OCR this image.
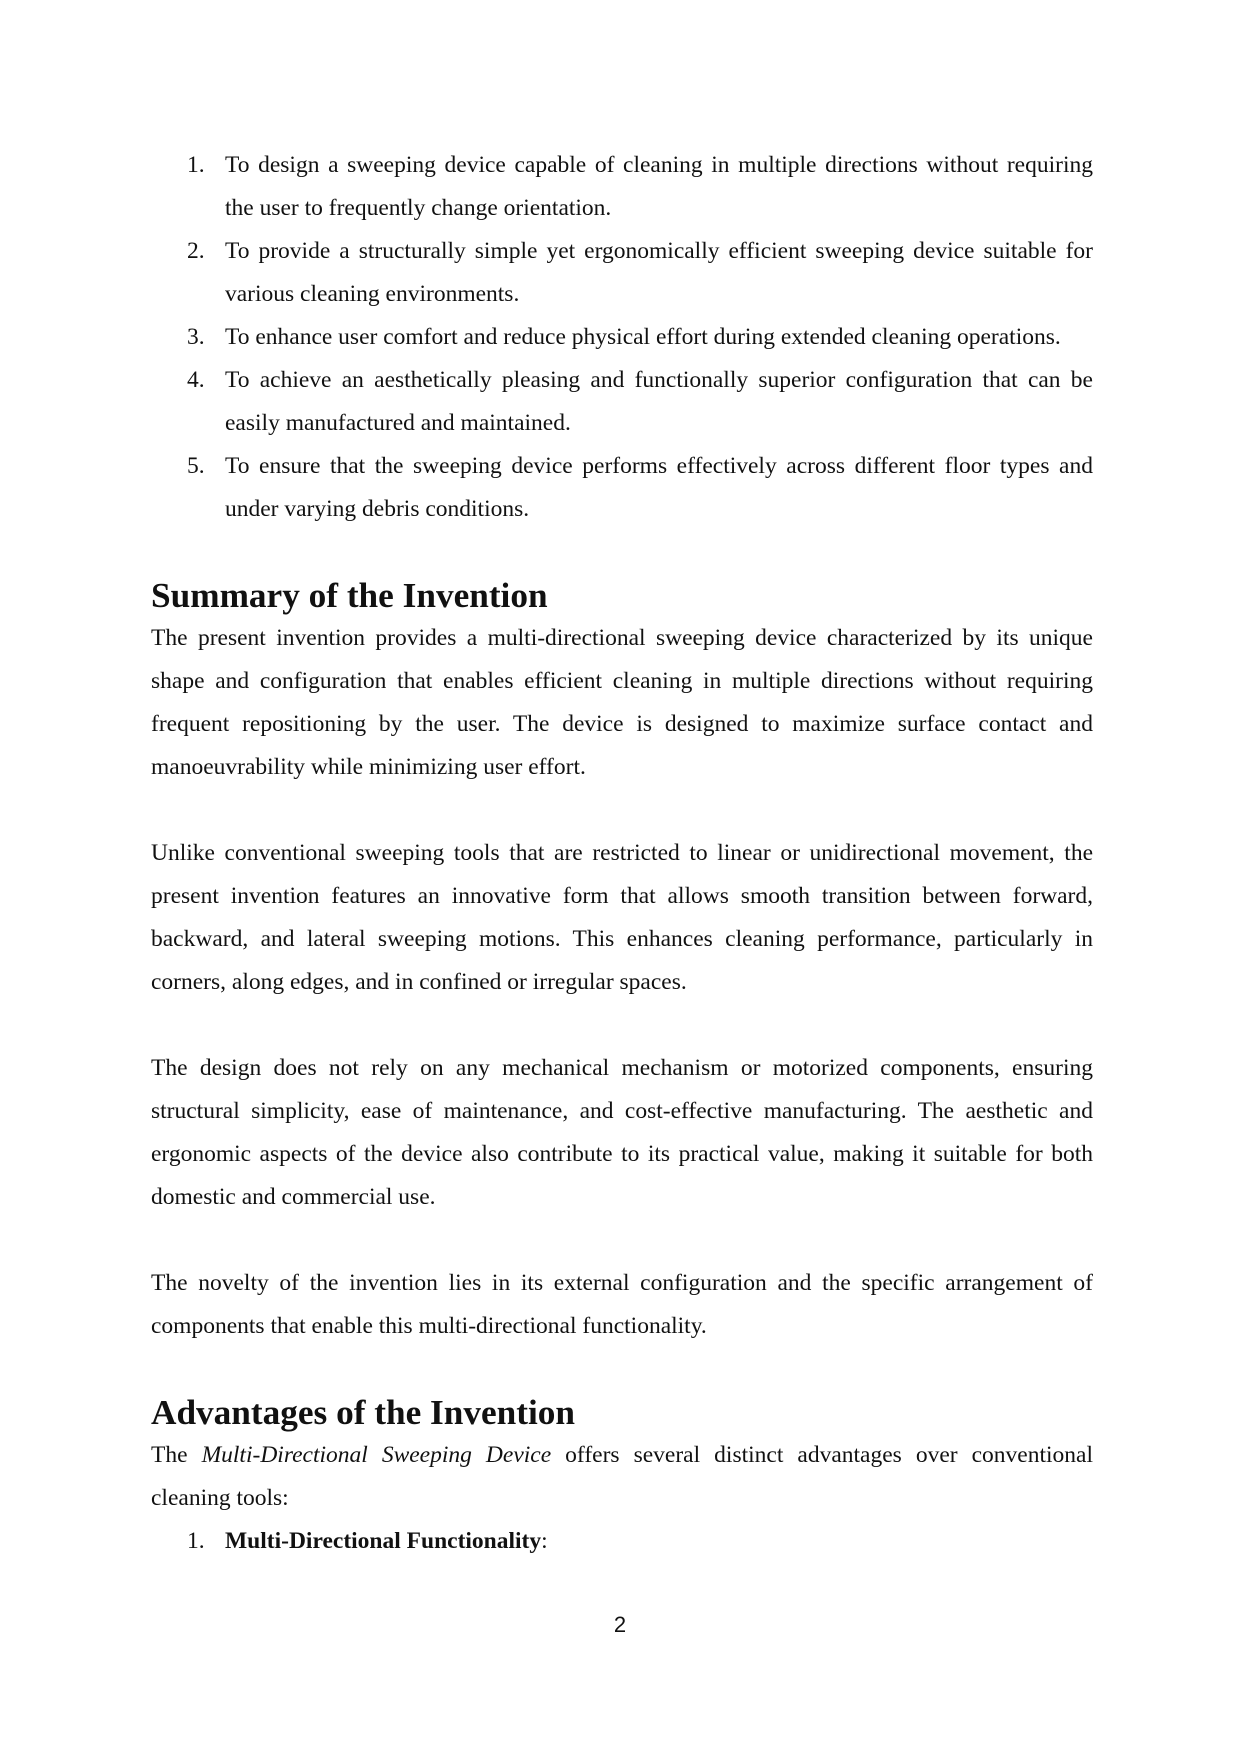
1. To design a sweeping device capable of cleaning in multiple directions without requiring the user to frequently change orientation.
2. To provide a structurally simple yet ergonomically efficient sweeping device suitable for various cleaning environments.
3. To enhance user comfort and reduce physical effort during extended cleaning operations.
4. To achieve an aesthetically pleasing and functionally superior configuration that can be easily manufactured and maintained.
5. To ensure that the sweeping device performs effectively across different floor types and under varying debris conditions.
Summary of the Invention

The present invention provides a multi-directional sweeping device characterized by its unique shape and configuration that enables efficient cleaning in multiple directions without requiring frequent repositioning by the user. The device is designed to maximize surface contact and manoeuvrability while minimizing user effort.

Unlike conventional sweeping tools that are restricted to linear or unidirectional movement, the present invention features an innovative form that allows smooth transition between forward, backward, and lateral sweeping motions. This enhances cleaning performance, particularly in corners, along edges, and in confined or irregular spaces.

The design does not rely on any mechanical mechanism or motorized components, ensuring structural simplicity, ease of maintenance, and cost-effective manufacturing. The aesthetic and ergonomic aspects of the device also contribute to its practical value, making it suitable for both domestic and commercial use.

The novelty of the invention lies in its external configuration and the specific arrangement of components that enable this multi-directional functionality.

Advantages of the Invention

The Multi-Directional Sweeping Device offers several distinct advantages over conventional cleaning tools:

1. Multi-Directional Functionality:
2
